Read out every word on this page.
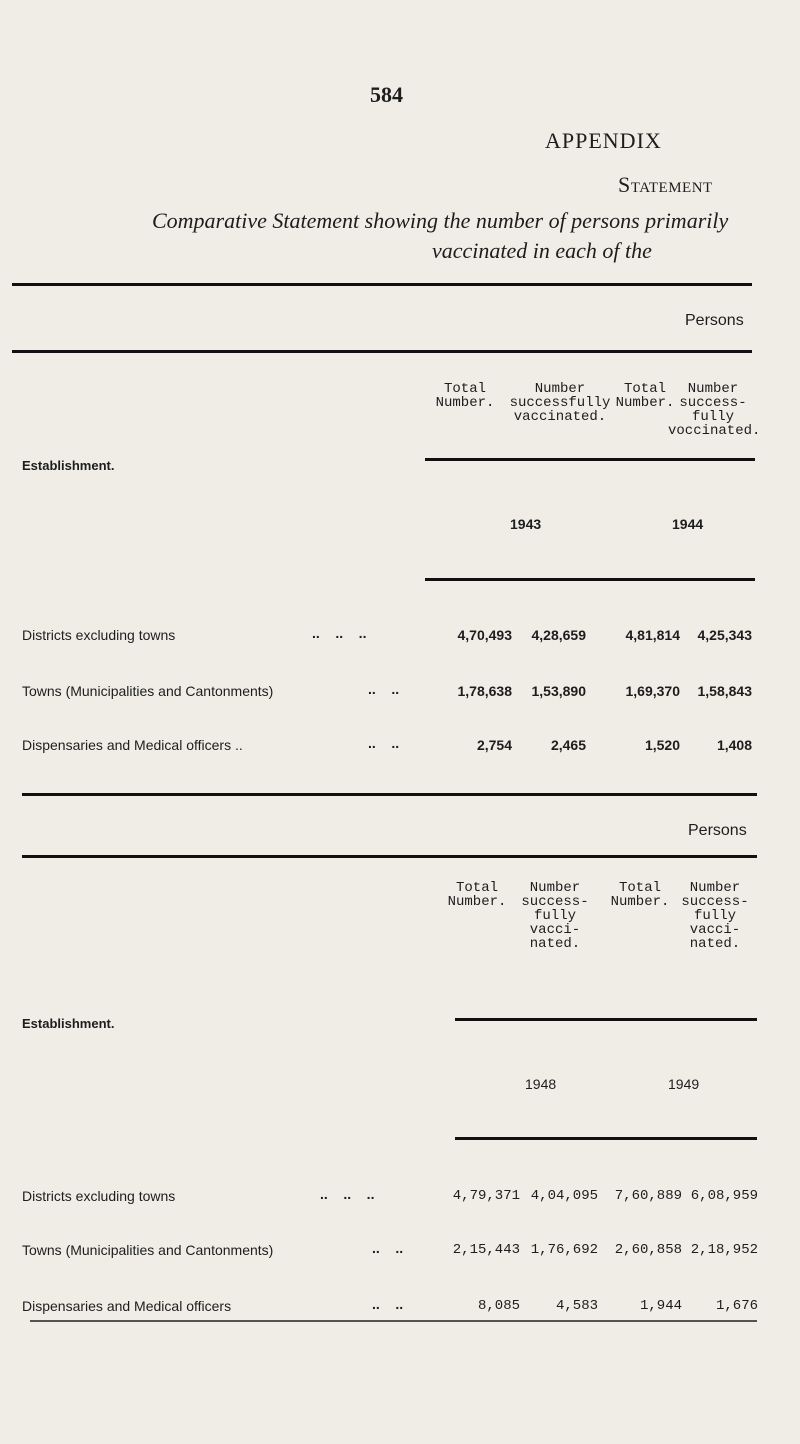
584
APPENDIX
Statement
Comparative Statement showing the number of persons primarily
vaccinated in each of the
Persons
Total
Number.
Number
successfully
vaccinated.
Total
Number.
Number
success-
fully
voccinated.
Establishment.
1943	1944
Districts excluding towns	..    ..    ..	4,70,493	4,28,659	4,81,814	4,25,343
Towns (Municipalities and Cantonments)	..    ..	1,78,638	1,53,890	1,69,370	1,58,843
Dispensaries and Medical officers ..	..    ..	2,754	2,465	1,520	1,408
Persons
Total
Number.
Number
success-
fully
vacci-
nated.
Total
Number.
Number
success-
fully
vacci-
nated.
Establishment.
1948	1949
Districts excluding towns	..    ..    ..	4,79,371 4,04,095	7,60,889 6,08,959
Towns (Municipalities and Cantonments)	..    ..	2,15,443 1,76,692	2,60,858 2,18,952
Dispensaries and Medical officers	..    ..	8,085	4,583	1,944	1,676
